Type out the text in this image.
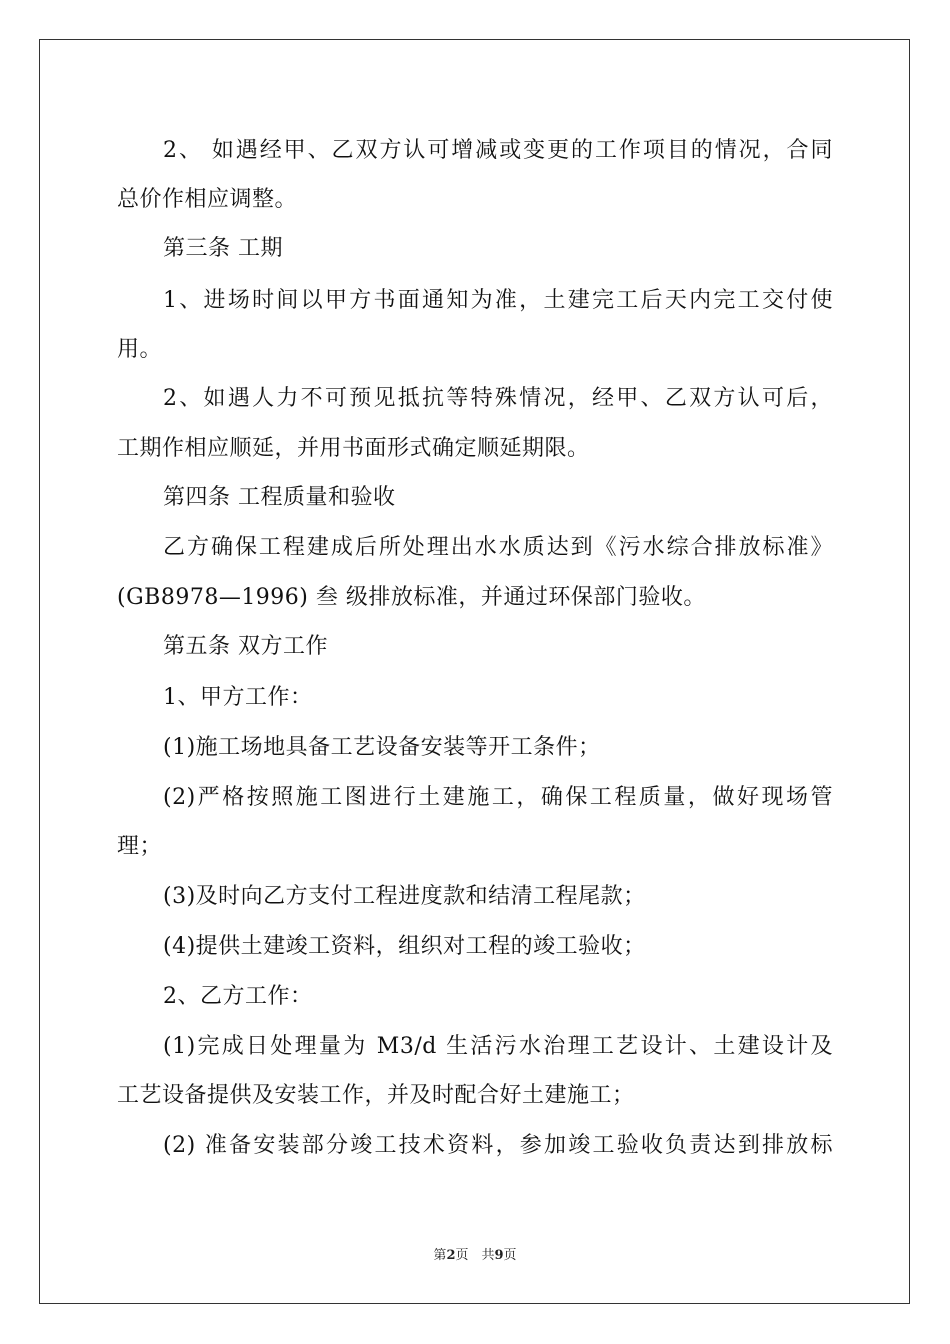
2、 如遇经甲、乙双方认可增减或变更的工作项目的情况，合同
总价作相应调整。
第三条 工期
1、进场时间以甲方书面通知为准，土建完工后天内完工交付使
用。
2、如遇人力不可预见抵抗等特殊情况，经甲、乙双方认可后，
工期作相应顺延，并用书面形式确定顺延期限。
第四条 工程质量和验收
乙方确保工程建成后所处理出水水质达到《污水综合排放标准》
(GB8978—1996) 叁 级排放标准，并通过环保部门验收。
第五条 双方工作
1、甲方工作：
(1)施工场地具备工艺设备安装等开工条件；
(2)严格按照施工图进行土建施工，确保工程质量，做好现场管
理；
(3)及时向乙方支付工程进度款和结清工程尾款；
(4)提供土建竣工资料，组织对工程的竣工验收；
2、乙方工作：
(1)完成日处理量为 M3/d 生活污水治理工艺设计、土建设计及
工艺设备提供及安装工作，并及时配合好土建施工；
(2) 准备安装部分竣工技术资料，参加竣工验收负责达到排放标
第2页　共9页
